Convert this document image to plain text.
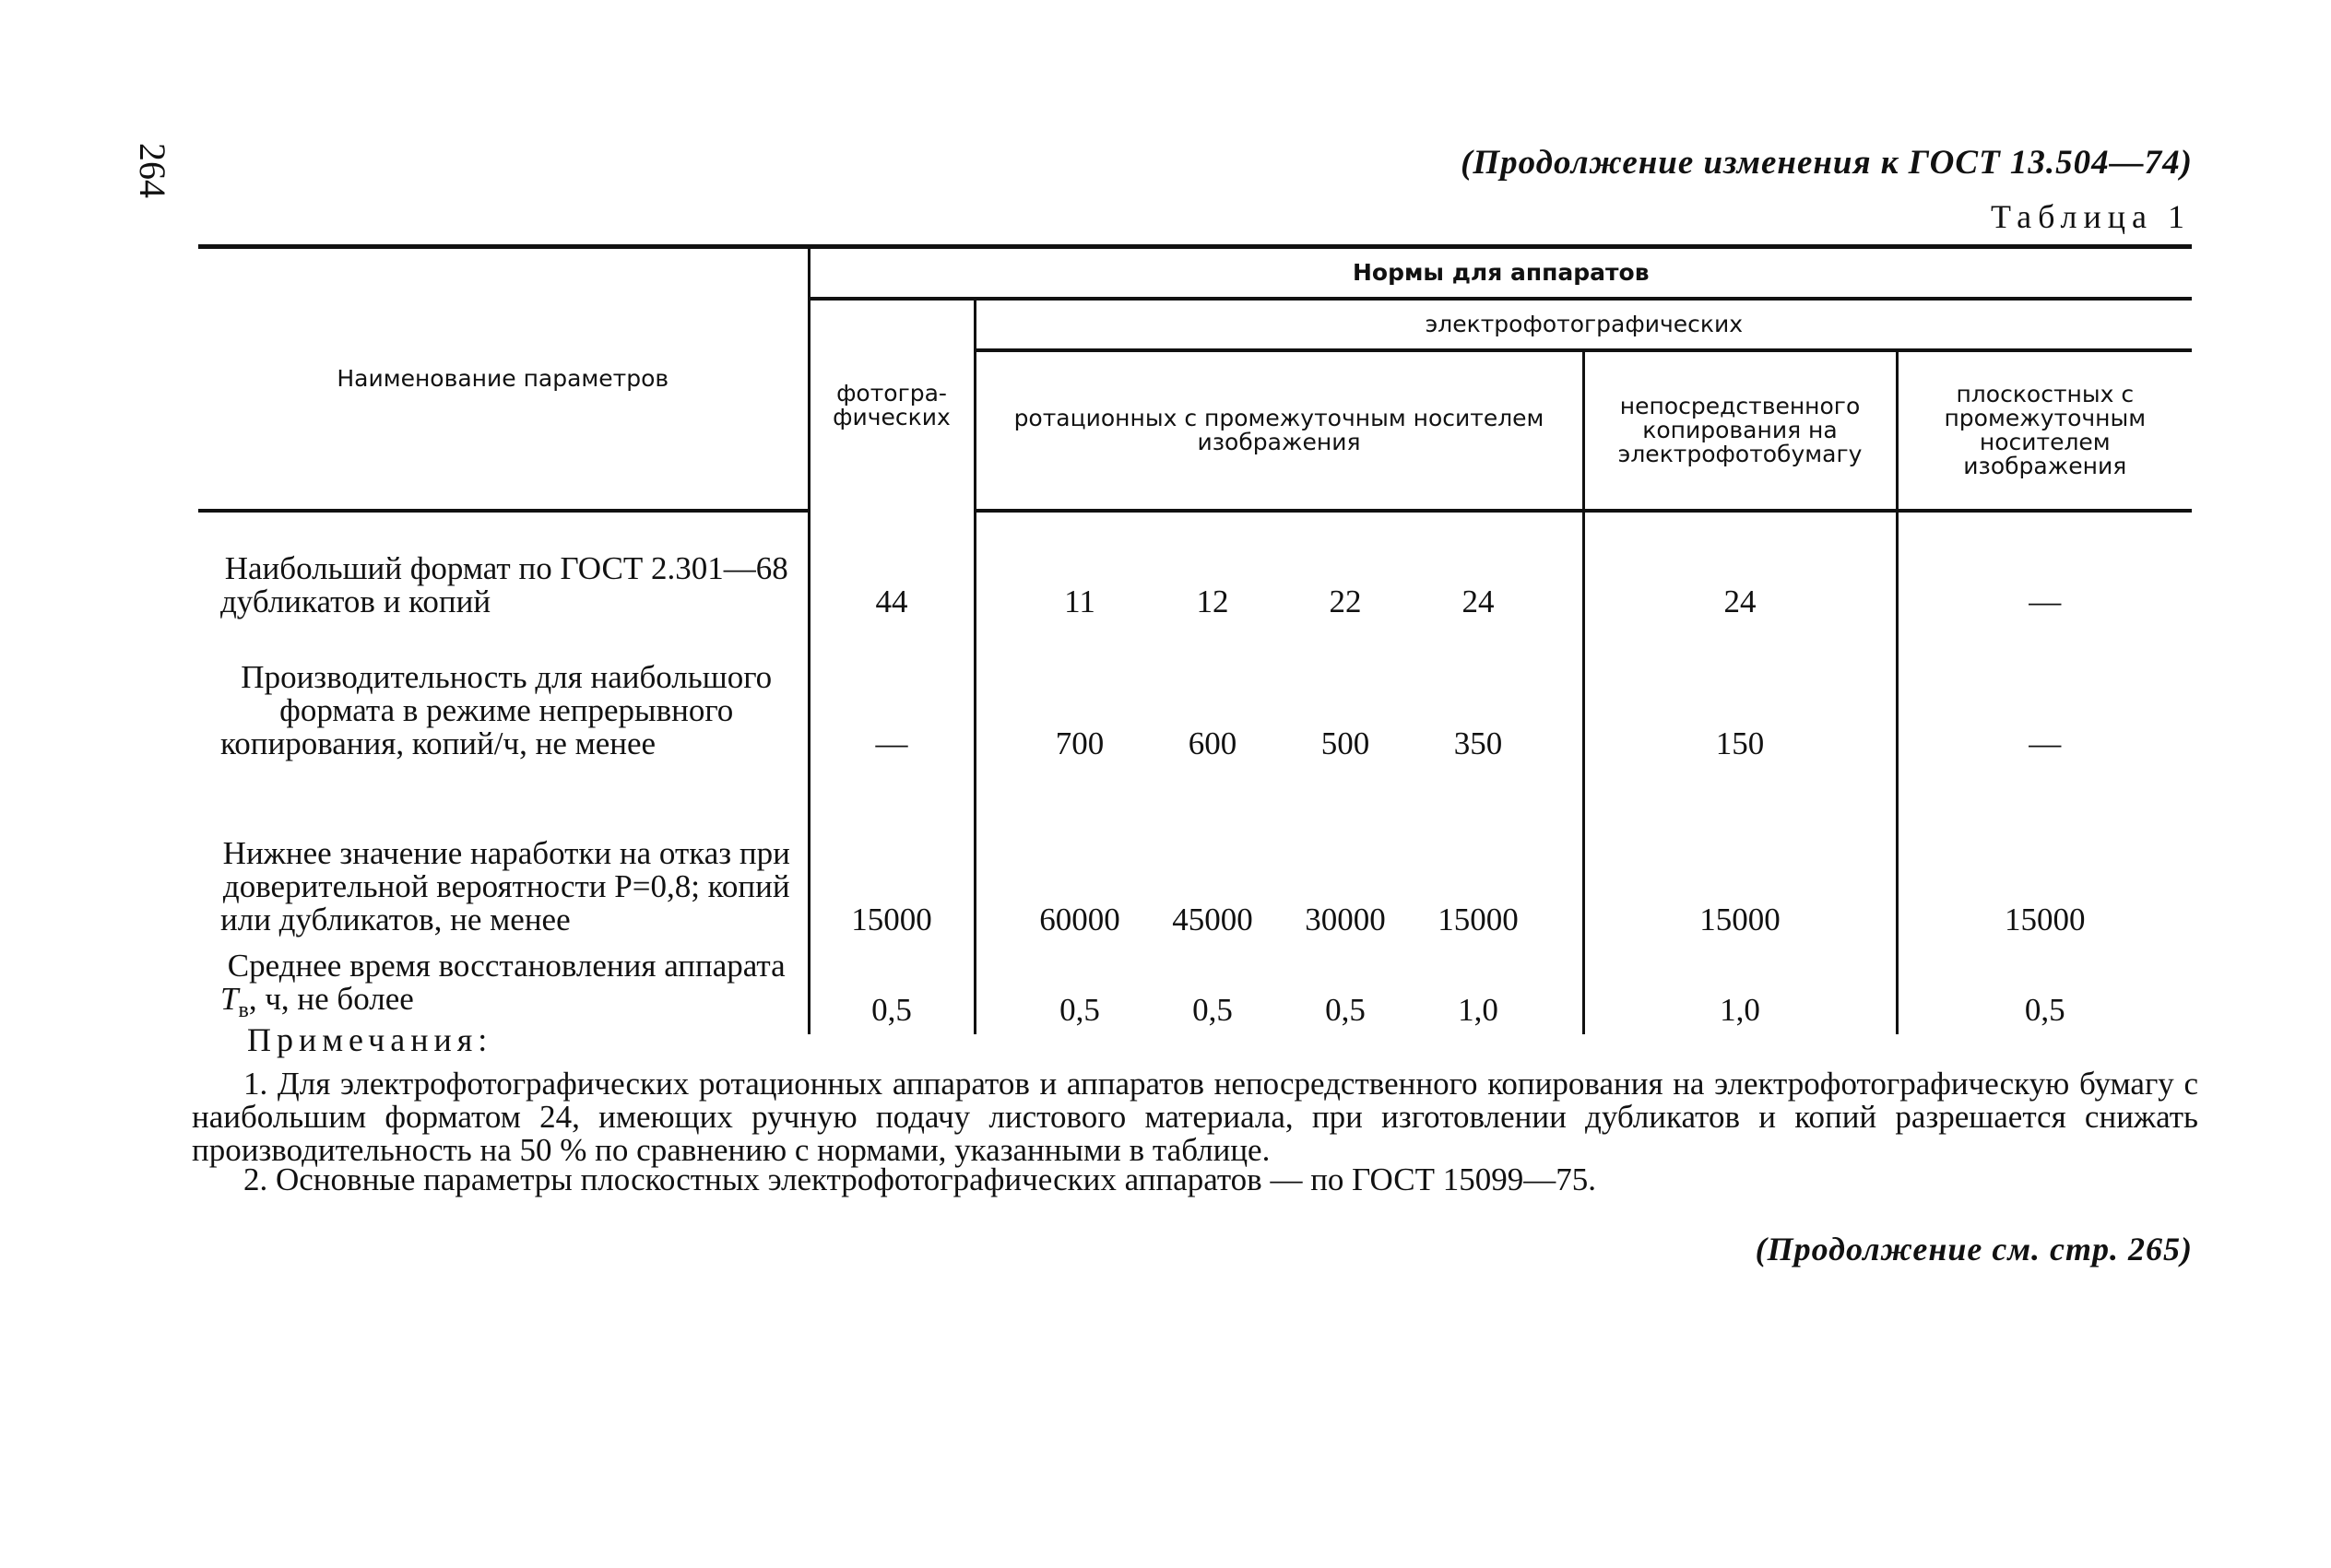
264	(Продолжение изменения к ГОСТ 13.504—74)
Таблица 1
Наименование параметров	Нормы для аппаратов			
	фотогра- фических	электрофотографических		
		ротационных с промежуточным носителем изображения	непосредственного копирования на электрофотобумагу	плоскостных с промежуточным носителем изображения
Наибольший формат по ГОСТ 2.301—68 дубликатов и копий	44	11 12 22 24	24	—
Производительность для наибольшого формата в режиме непрерывного копирования, копий/ч, не менее	—	700 600 500 350	150	—
Нижнее значение наработки на отказ при доверительной вероятности Р=0,8; копий или дубликатов, не менее	15000	60000 45000 30000 15000	15000	15000
Среднее время восстановления аппарата $T_в$, ч, не более	0,5	0,5 0,5 0,5 1,0	1,0	0,5
Примечания:
1. Для электрофотографических ротационных аппаратов и аппаратов непосредственного копирования на электрофотографическую бумагу с наибольшим форматом 24, имеющих ручную подачу листового материала, при изготовлении дубликатов и копий разрешается снижать производительность на 50 % по сравнению с нормами, указанными в таблице.
2. Основные параметры плоскостных электрофотографических аппаратов — по ГОСТ 15099—75.
(Продолжение см. стр. 265)
